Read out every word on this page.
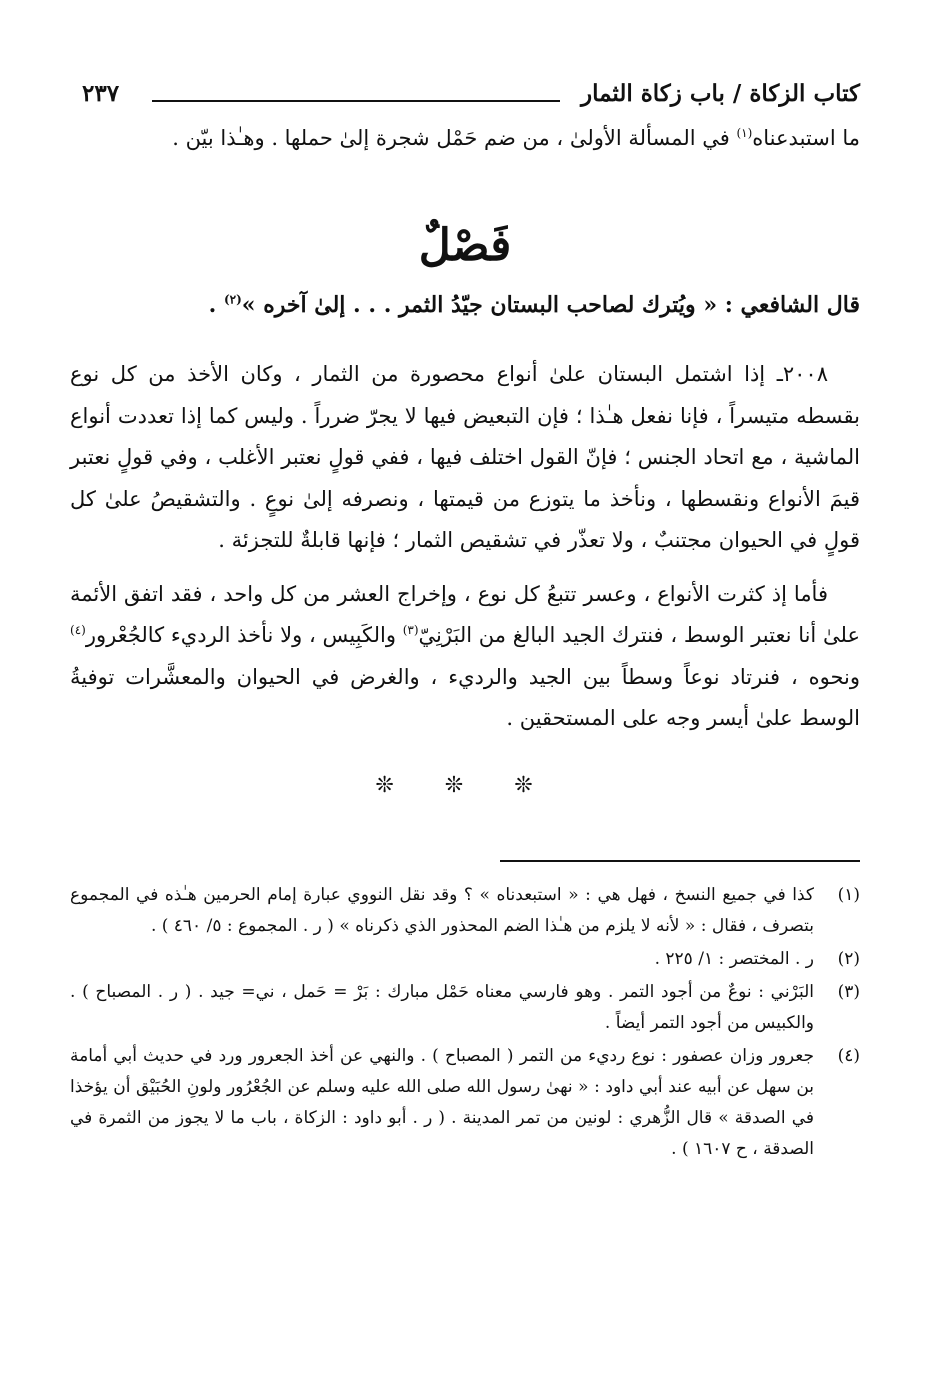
كتاب الزكاة / باب زكاة الثمار
٢٣٧

ما استبدعناه$^{(١)}$ في المسألة الأولىٰ ، من ضم حَمْل شجرة إلىٰ حملها . وهـٰذا بيّن .

فَصْلٌ

قال الشافعي : « ويُترك لصاحب البستان جيّدُ الثمر . . . إلىٰ آخره »$^{(٢)}$ .

٢٠٠٨ـ إذا اشتمل البستان علىٰ أنواع محصورة من الثمار ، وكان الأخذ من كل نوع بقسطه متيسراً ، فإنا نفعل هـٰذا ؛ فإن التبعيض فيها لا يجرّ ضرراً . وليس كما إذا تعددت أنواع الماشية ، مع اتحاد الجنس ؛ فإنّ القول اختلف فيها ، ففي قولٍ نعتبر الأغلب ، وفي قولٍ نعتبر قيمَ الأنواع ونقسطها ، ونأخذ ما يتوزع من قيمتها ، ونصرفه إلىٰ نوعٍ . والتشقيصُ علىٰ كل قولٍ في الحيوان مجتنبٌ ، ولا تعذّر في تشقيص الثمار ؛ فإنها قابلةٌ للتجزئة .

فأما إذ كثرت الأنواع ، وعسر تتبعُ كل نوع ، وإخراج العشر من كل واحد ، فقد اتفق الأئمة علىٰ أنا نعتبر الوسط ، فنترك الجيد البالغ من البَرْنِيّ$^{(٣)}$ والكَبِيس ، ولا نأخذ الرديء كالجُعْرور$^{(٤)}$ ونحوه ، فنرتاد نوعاً وسطاً بين الجيد والرديء ، والغرض في الحيوان والمعشَّرات توفيةُ الوسط علىٰ أيسر وجه على المستحقين .

❊ ❊ ❊
(١)
كذا في جميع النسخ ، فهل هي : « استبعدناه » ؟ وقد نقل النووي عبارة إمام الحرمين هـٰذه في المجموع بتصرف ، فقال : « لأنه لا يلزم من هـٰذا الضم المحذور الذي ذكرناه » ( ر . المجموع : ٥/ ٤٦٠ ) .
(٢)
ر . المختصر : ١/ ٢٢٥ .
(٣)
البَرْني : نوعٌ من أجود التمر . وهو فارسي معناه حَمْل مبارك : بَرْ = حَمل ، ني= جيد . ( ر . المصباح ) . والكبيس من أجود التمر أيضاً .
(٤)
جعرور وزان عصفور : نوع رديء من التمر ( المصباح ) . والنهي عن أخذ الجعرور ورد في حديث أبي أمامة بن سهل عن أبيه عند أبي داود : « نهىٰ رسول الله صلى الله عليه وسلم عن الجُعْرُور ولونِ الحُبَيْق أن يؤخذا في الصدقة » قال الزُّهري : لونين من تمر المدينة . ( ر . أبو داود : الزكاة ، باب ما لا يجوز من الثمرة في الصدقة ، ح ١٦٠٧ ) .
